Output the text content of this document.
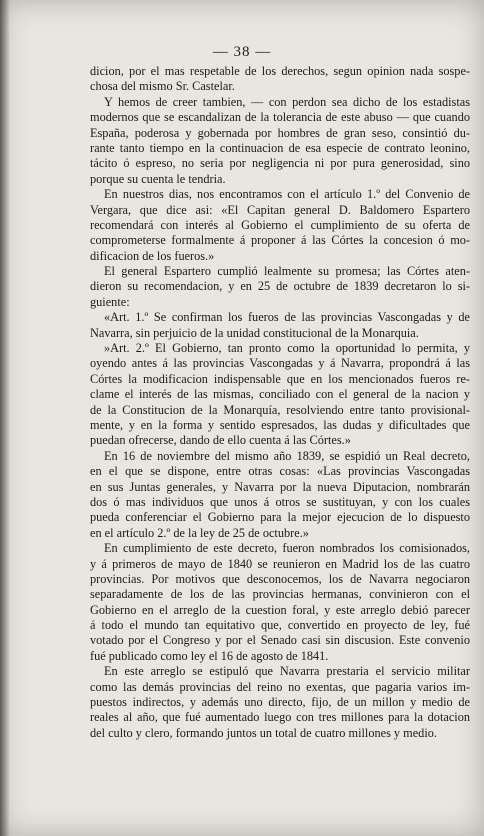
— 38 —
dicion, por el mas respetable de los derechos, segun opinion nada sospe-
chosa del mismo Sr. Castelar.
Y hemos de creer tambien, — con perdon sea dicho de los estadistas
modernos que se escandalizan de la tolerancia de este abuso — que cuando
España, poderosa y gobernada por hombres de gran seso, consintió du-
rante tanto tiempo en la continuacion de esa especie de contrato leonino,
tácito ó espreso, no seria por negligencia ni por pura generosidad, sino
porque su cuenta le tendria.
En nuestros dias, nos encontramos con el artículo 1.º del Convenio de
Vergara, que dice asi: «El Capitan general D. Baldomero Espartero
recomendará con interés al Gobierno el cumplimiento de su oferta de
comprometerse formalmente á proponer á las Córtes la concesion ó mo-
dificacion de los fueros.»
El general Espartero cumplió lealmente su promesa; las Córtes aten-
dieron su recomendacion, y en 25 de octubre de 1839 decretaron lo si-
guiente:
«Art. 1.º Se confirman los fueros de las provincias Vascongadas y de
Navarra, sin perjuicio de la unidad constitucional de la Monarquia.
»Art. 2.º El Gobierno, tan pronto como la oportunidad lo permita, y
oyendo antes á las provincias Vascongadas y á Navarra, propondrá á las
Córtes la modificacion indispensable que en los mencionados fueros re-
clame el interés de las mismas, conciliado con el general de la nacion y
de la Constitucion de la Monarquía, resolviendo entre tanto provisional-
mente, y en la forma y sentido espresados, las dudas y dificultades que
puedan ofrecerse, dando de ello cuenta á las Córtes.»
En 16 de noviembre del mismo año 1839, se espidió un Real decreto,
en el que se dispone, entre otras cosas: «Las provincias Vascongadas
en sus Juntas generales, y Navarra por la nueva Diputacion, nombrarán
dos ó mas individuos que unos á otros se sustituyan, y con los cuales
pueda conferenciar el Gobierno para la mejor ejecucion de lo dispuesto
en el artículo 2.º de la ley de 25 de octubre.»
En cumplimiento de este decreto, fueron nombrados los comisionados,
y á primeros de mayo de 1840 se reunieron en Madrid los de las cuatro
provincias. Por motivos que desconocemos, los de Navarra negociaron
separadamente de los de las provincias hermanas, convinieron con el
Gobierno en el arreglo de la cuestion foral, y este arreglo debió parecer
á todo el mundo tan equitativo que, convertido en proyecto de ley, fué
votado por el Congreso y por el Senado casi sin discusion. Este convenio
fué publicado como ley el 16 de agosto de 1841.
En este arreglo se estipuló que Navarra prestaria el servicio militar
como las demás provincias del reino no exentas, que pagaria varios im-
puestos indirectos, y además uno directo, fijo, de un millon y medio de
reales al año, que fué aumentado luego con tres millones para la dotacion
del culto y clero, formando juntos un total de cuatro millones y medio.
